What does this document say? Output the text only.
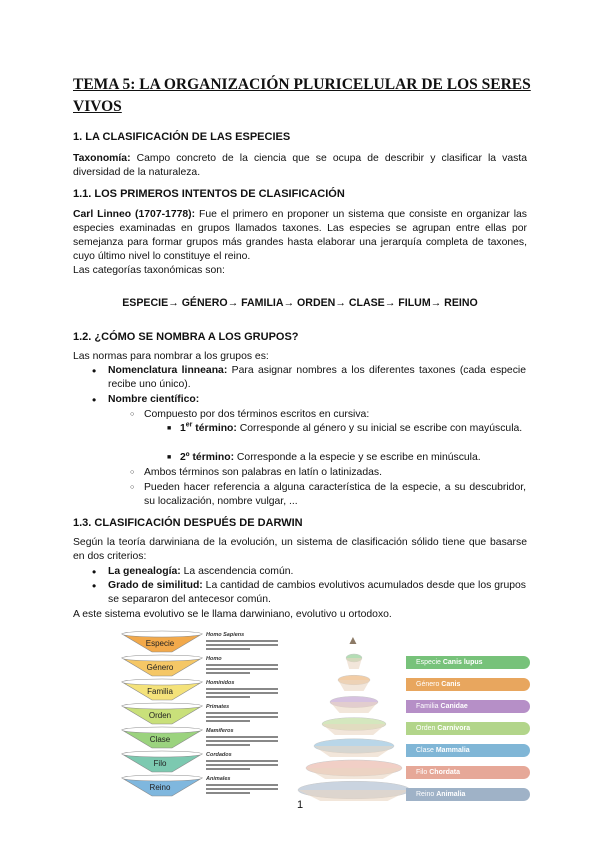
TEMA 5: LA ORGANIZACIÓN PLURICELULAR DE LOS SERES VIVOS
1. LA CLASIFICACIÓN DE LAS ESPECIES

Taxonomía: Campo concreto de la ciencia que se ocupa de describir y clasificar la vasta diversidad de la naturaleza.

1.1. LOS PRIMEROS INTENTOS DE CLASIFICACIÓN

Carl Linneo (1707-1778): Fue el primero en proponer un sistema que consiste en organizar las especies examinadas en grupos llamados taxones. Las especies se agrupan entre ellas por semejanza para formar grupos más grandes hasta elaborar una jerarquía completa de taxones, cuyo último nivel lo constituye el reino.

Las categorías taxonómicas son:

ESPECIE→ GÉNERO→ FAMILIA→ ORDEN→ CLASE→ FILUM→ REINO

1.2. ¿CÓMO SE NOMBRA A LOS GRUPOS?

Las normas para nombrar a los grupos es:

• Nomenclatura linneana: Para asignar nombres a los diferentes taxones (cada especie recibe uno único).

• Nombre científico:

○ Compuesto por dos términos escritos en cursiva:

■ 1er término: Corresponde al género y su inicial se escribe con mayúscula.

■ 2º término: Corresponde a la especie y se escribe en minúscula.

○ Ambos términos son palabras en latín o latinizadas.

○ Pueden hacer referencia a alguna característica de la especie, a su descubridor, su localización, nombre vulgar, ...

1.3. CLASIFICACIÓN DESPUÉS DE DARWIN

Según la teoría darwiniana de la evolución, un sistema de clasificación sólido tiene que basarse en dos criterios:

• La genealogía: La ascendencia común.

• Grado de similitud: La cantidad de cambios evolutivos acumulados desde que los grupos se separaron del antecesor común.

A este sistema evolutivo se le llama darwiniano, evolutivo u ortodoxo.

Especie
Homo Sapiens
Género
Homo
Familia
Homínidos
Orden
Primates
Clase
Mamíferos
Filo
Cordados
Reino
Animales
▲
Especie Canis lupus
Género Canis
Familia Canidae
Orden Carnívora
Clase Mammalia
Filo Chordata
Reino Animalia
1
